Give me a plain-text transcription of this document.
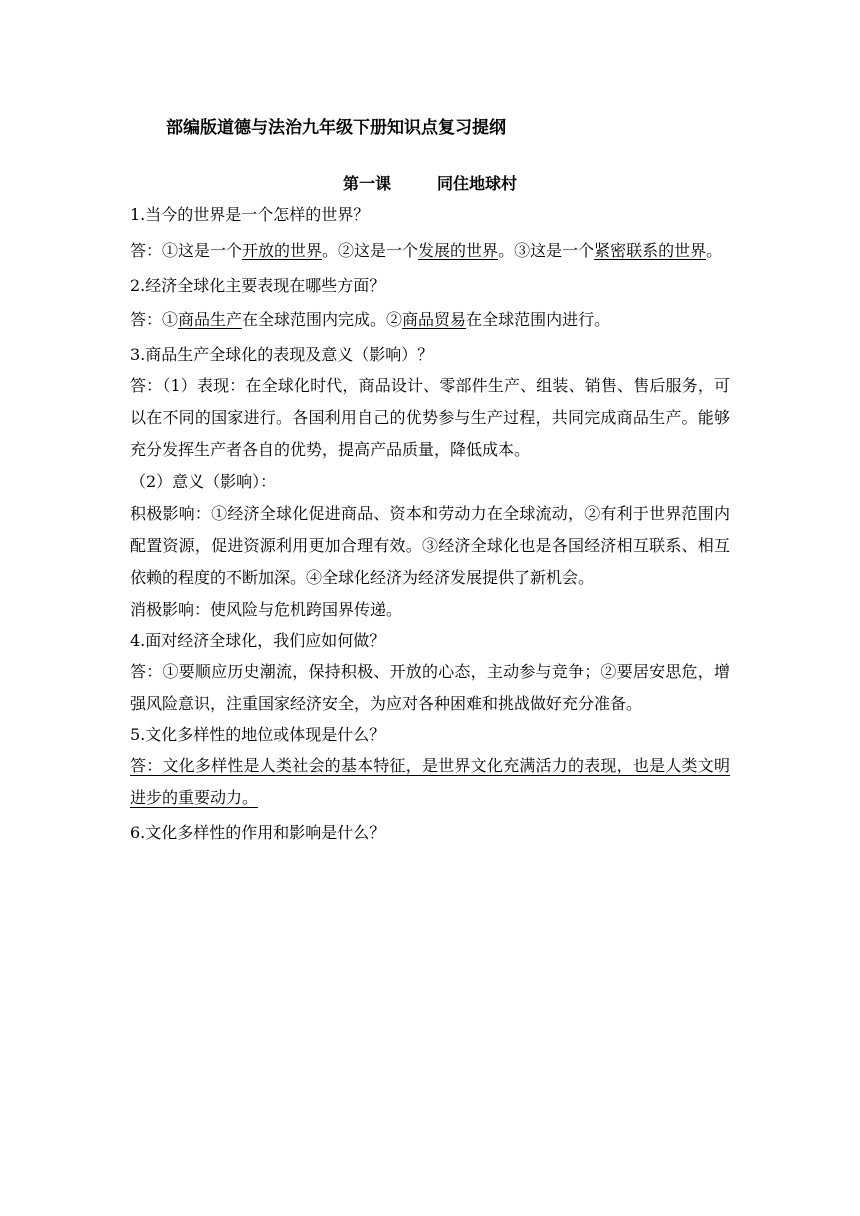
部编版道德与法治九年级下册知识点复习提纲
第一课	同住地球村

1.当今的世界是一个怎样的世界？

答：①这是一个开放的世界。②这是一个发展的世界。③这是一个紧密联系的世界。

2.经济全球化主要表现在哪些方面？

答：①商品生产在全球范围内完成。②商品贸易在全球范围内进行。

3.商品生产全球化的表现及意义（影响）？

答：（1）表现：在全球化时代，商品设计、零部件生产、组装、销售、售后服务，可以在不同的国家进行。各国利用自己的优势参与生产过程，共同完成商品生产。能够充分发挥生产者各自的优势，提高产品质量，降低成本。

（2）意义（影响）：

积极影响：①经济全球化促进商品、资本和劳动力在全球流动，②有利于世界范围内配置资源，促进资源利用更加合理有效。③经济全球化也是各国经济相互联系、相互依赖的程度的不断加深。④全球化经济为经济发展提供了新机会。

消极影响：使风险与危机跨国界传递。

4.面对经济全球化，我们应如何做？

答：①要顺应历史潮流，保持积极、开放的心态，主动参与竞争；②要居安思危，增强风险意识，注重国家经济安全，为应对各种困难和挑战做好充分准备。

5.文化多样性的地位或体现是什么？

答：文化多样性是人类社会的基本特征，是世界文化充满活力的表现，也是人类文明进步的重要动力。

6.文化多样性的作用和影响是什么？
